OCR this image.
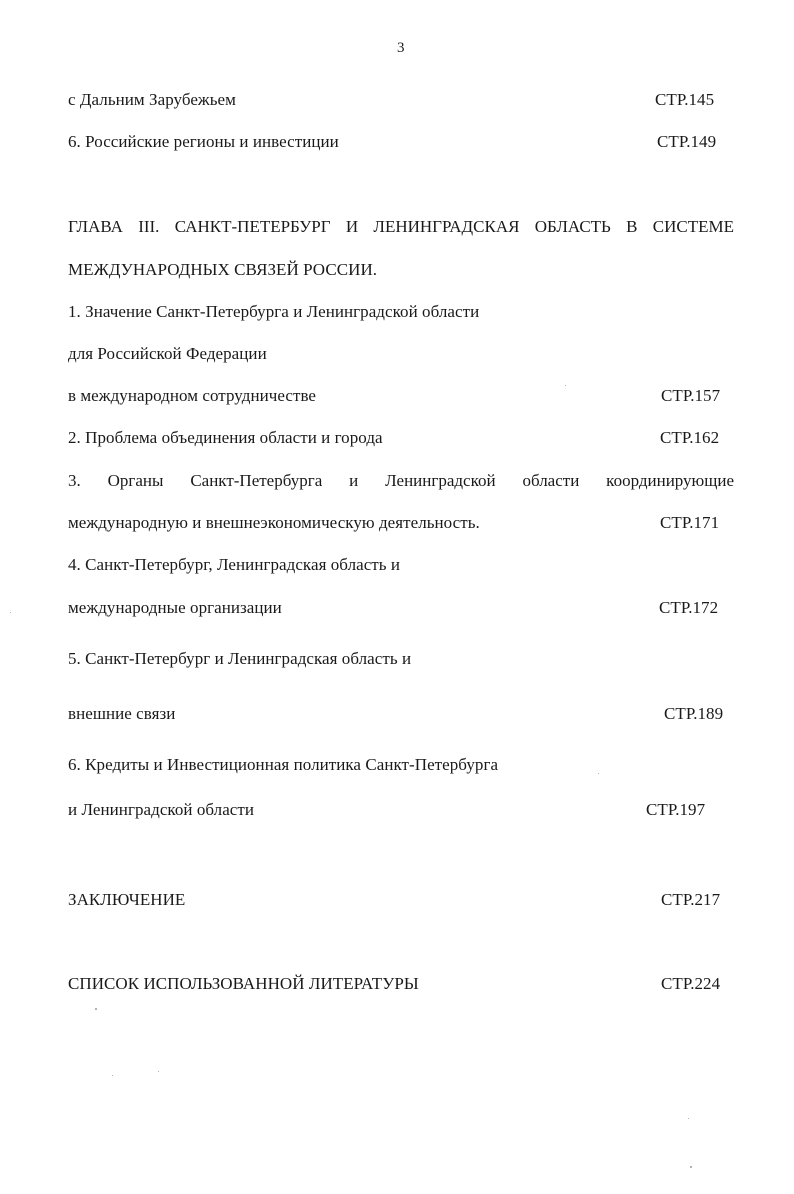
3
с Дальним Зарубежьем	СТР.145
6. Российские регионы и инвестиции	СТР.149
ГЛАВА III. САНКТ-ПЕТЕРБУРГ И ЛЕНИНГРАДСКАЯ ОБЛАСТЬ В СИСТЕМЕ
МЕЖДУНАРОДНЫХ СВЯЗЕЙ РОССИИ.
1. Значение Санкт-Петербурга и Ленинградской области
для Российской Федерации
в международном сотрудничестве	СТР.157
2. Проблема объединения области и города	СТР.162
3. Органы Санкт-Петербурга и Ленинградской области координирующие
международную и внешнеэкономическую деятельность.	СТР.171
4. Санкт-Петербург, Ленинградская область и
международные организации	СТР.172
5. Санкт-Петербург и Ленинградская область и
внешние связи	СТР.189
6. Кредиты и Инвестиционная политика Санкт-Петербурга
и Ленинградской области	СТР.197
ЗАКЛЮЧЕНИЕ	СТР.217
СПИСОК ИСПОЛЬЗОВАННОЙ ЛИТЕРАТУРЫ	СТР.224
